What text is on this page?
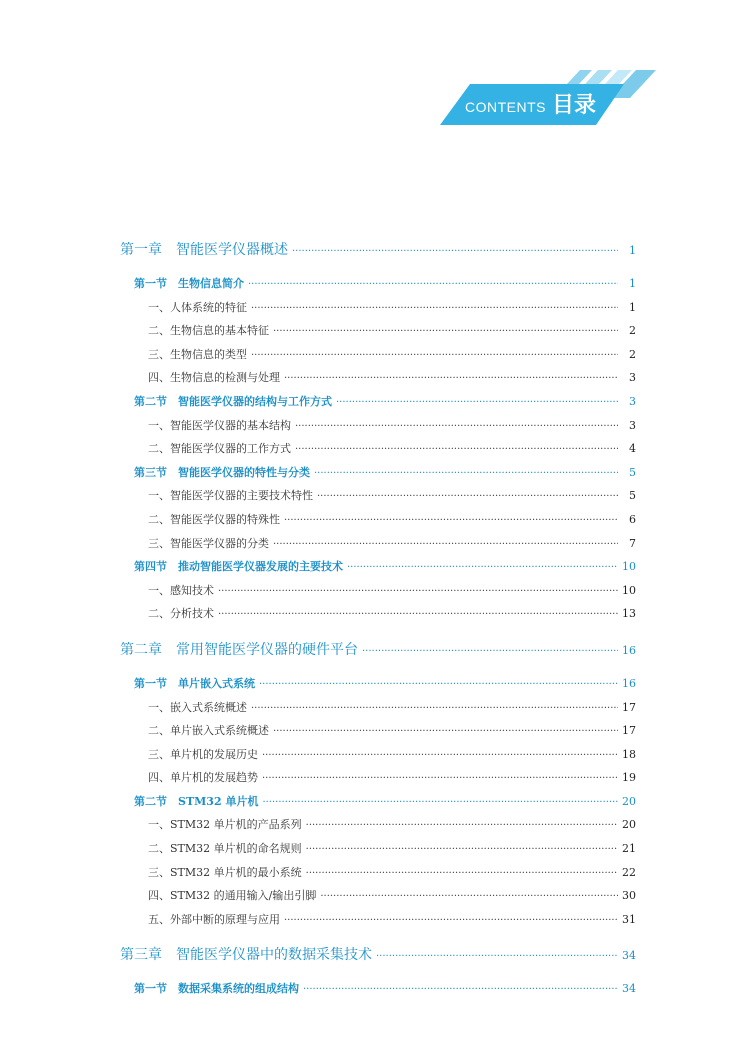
CONTENTS 目录
第一章　智能医学仪器概述 ·····	1
第一节　生物信息简介 ·····	1
一、人体系统的特征 ·····	1
二、生物信息的基本特征 ·····	2
三、生物信息的类型 ·····	2
四、生物信息的检测与处理 ·····	3
第二节　智能医学仪器的结构与工作方式 ·····	3
一、智能医学仪器的基本结构 ·····	3
二、智能医学仪器的工作方式 ·····	4
第三节　智能医学仪器的特性与分类 ·····	5
一、智能医学仪器的主要技术特性 ·····	5
二、智能医学仪器的特殊性 ·····	6
三、智能医学仪器的分类 ·····	7
第四节　推动智能医学仪器发展的主要技术 ·····	10
一、感知技术 ·····	10
二、分析技术 ·····	13
第二章　常用智能医学仪器的硬件平台 ·····	16
第一节　单片嵌入式系统 ·····	16
一、嵌入式系统概述 ·····	17
二、单片嵌入式系统概述 ·····	17
三、单片机的发展历史 ·····	18
四、单片机的发展趋势 ·····	19
第二节　STM32 单片机 ·····	20
一、STM32 单片机的产品系列 ·····	20
二、STM32 单片机的命名规则 ·····	21
三、STM32 单片机的最小系统 ·····	22
四、STM32 的通用输入/输出引脚 ·····	30
五、外部中断的原理与应用 ·····	31
第三章　智能医学仪器中的数据采集技术 ·····	34
第一节　数据采集系统的组成结构 ·····	34
